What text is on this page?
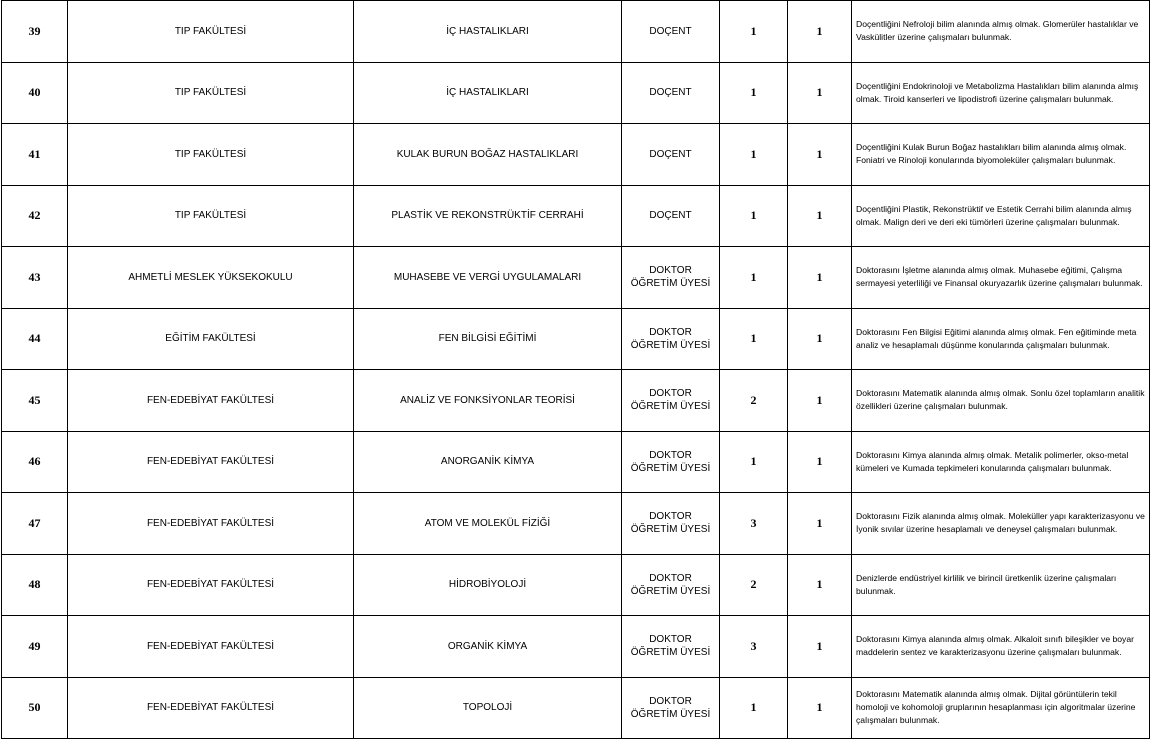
39	TIP FAKÜLTESİ	İÇ HASTALIKLARI	DOÇENT	1	1	Doçentliğini Nefroloji bilim alanında almış olmak. Glomerüler hastalıklar ve Vaskülitler üzerine çalışmaları bulunmak.
40	TIP FAKÜLTESİ	İÇ HASTALIKLARI	DOÇENT	1	1	Doçentliğini Endokrinoloji ve Metabolizma Hastalıkları bilim alanında almış olmak. Tiroid kanserleri ve lipodistrofi üzerine çalışmaları bulunmak.
41	TIP FAKÜLTESİ	KULAK BURUN BOĞAZ HASTALIKLARI	DOÇENT	1	1	Doçentliğini Kulak Burun Boğaz hastalıkları bilim alanında almış olmak. Foniatri ve Rinoloji konularında biyomoleküler çalışmaları bulunmak.
42	TIP FAKÜLTESİ	PLASTİK VE REKONSTRÜKTİF CERRAHİ	DOÇENT	1	1	Doçentliğini Plastik, Rekonstrüktif ve Estetik Cerrahi bilim alanında almış olmak. Malign deri ve deri eki tümörleri üzerine çalışmaları bulunmak.
43	AHMETLİ MESLEK YÜKSEKOKULU	MUHASEBE VE VERGİ UYGULAMALARI	DOKTOR ÖĞRETİM ÜYESİ	1	1	Doktorasını İşletme alanında almış olmak. Muhasebe eğitimi, Çalışma sermayesi yeterliliği ve Finansal okuryazarlık üzerine çalışmaları bulunmak.
44	EĞİTİM FAKÜLTESİ	FEN BİLGİSİ EĞİTİMİ	DOKTOR ÖĞRETİM ÜYESİ	1	1	Doktorasını Fen Bilgisi Eğitimi alanında almış olmak. Fen eğitiminde meta analiz ve hesaplamalı düşünme konularında çalışmaları bulunmak.
45	FEN-EDEBİYAT FAKÜLTESİ	ANALİZ VE FONKSİYONLAR TEORİSİ	DOKTOR ÖĞRETİM ÜYESİ	2	1	Doktorasını Matematik alanında almış olmak. Sonlu özel toplamların analitik özellikleri üzerine çalışmaları bulunmak.
46	FEN-EDEBİYAT FAKÜLTESİ	ANORGANİK KİMYA	DOKTOR ÖĞRETİM ÜYESİ	1	1	Doktorasını Kimya alanında almış olmak. Metalik polimerler, okso-metal kümeleri ve Kumada tepkimeleri konularında çalışmaları bulunmak.
47	FEN-EDEBİYAT FAKÜLTESİ	ATOM VE MOLEKÜL FİZİĞİ	DOKTOR ÖĞRETİM ÜYESİ	3	1	Doktorasını Fizik alanında almış olmak. Moleküller yapı karakterizasyonu ve İyonik sıvılar üzerine hesaplamalı ve deneysel çalışmaları bulunmak.
48	FEN-EDEBİYAT FAKÜLTESİ	HİDROBİYOLOJİ	DOKTOR ÖĞRETİM ÜYESİ	2	1	Denizlerde endüstriyel kirlilik ve birincil üretkenlik üzerine çalışmaları bulunmak.
49	FEN-EDEBİYAT FAKÜLTESİ	ORGANİK KİMYA	DOKTOR ÖĞRETİM ÜYESİ	3	1	Doktorasını Kimya alanında almış olmak. Alkaloit sınıfı bileşikler ve boyar maddelerin sentez ve karakterizasyonu üzerine çalışmaları bulunmak.
50	FEN-EDEBİYAT FAKÜLTESİ	TOPOLOJİ	DOKTOR ÖĞRETİM ÜYESİ	1	1	Doktorasını Matematik alanında almış olmak. Dijital görüntülerin tekil homoloji ve kohomoloji gruplarının hesaplanması için algoritmalar üzerine çalışmaları bulunmak.
